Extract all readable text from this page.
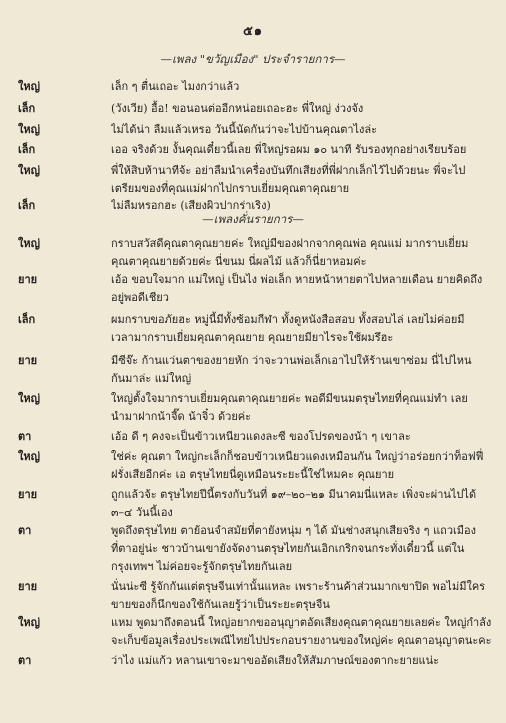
๕๑
—เพลง "ขวัญเมือง" ประจำรายการ—
—เพลงคั่นรายการ—
ใหญ่	เล็ก ๆ ตื่นเถอะ ไมงกว่าแล้ว
เล็ก	(วังเวีย) อื้อ! ขอนอนต่ออีกหน่อยเถอะฮะ พี่ใหญ่ ง่วงจัง
ใหญ่	ไม่ได้น่า ลืมแล้วเหรอ วันนี้นัดกันว่าจะไปบ้านคุณตาไงล่ะ
เล็ก	เออ จริงด้วย งั้นคุณเดี๋ยวนี้เลย พี่ใหญ่รอผม ๑๐ นาที รับรองทุกอย่างเรียบร้อย
ใหญ่	พี่ให้สิบห้านาทีจ้ะ อย่าลืมนำเครื่องบันทึกเสียงที่พี่ฝากเล็กไว้ไปด้วยนะ พี่จะไป
เตรียมของที่คุณแม่ฝากไปกราบเยี่ยมคุณตาคุณยาย
เล็ก	ไม่ลืมหรอกฮะ (เสียงผิวปากร่าเริง)
ใหญ่	กราบสวัสดีคุณตาคุณยายค่ะ ใหญ่มีของฝากจากคุณพ่อ คุณแม่ มากราบเยี่ยม
คุณตาคุณยายด้วยค่ะ นี่ขนม นี่ผลไม้ แล้วก็นี่ยาหอมค่ะ
ยาย	เอ้อ ขอบใจมาก แม่ใหญ่ เป็นไง พ่อเล็ก หายหน้าหายตาไปหลายเดือน ยายคิดถึง
อยู่พอดีเชียว
เล็ก	ผมกราบขอภัยฮะ หมู่นี้มีทั้งซ้อมกีฬา ทั้งดูหนังสือสอบ ทั้งสอบไล่ เลยไม่ค่อยมี
เวลามากราบเยี่ยมคุณตาคุณยาย คุณยายมียาไรจะใช้ผมรึฮะ
ยาย	มีซีจ๊ะ ก้านแว่นตาของยายหัก ว่าจะวานพ่อเล็กเอาไปให้ร้านเขาซ่อม นี่ไปไหน
กันมาล่ะ แม่ใหญ่
ใหญ่	ใหญ่ตั้งใจมากราบเยี่ยมคุณตาคุณยายค่ะ พอดีมีขนมตรุษไทยที่คุณแม่ทำ เลย
นำมาฝากน้าจี๊ด น้าจิ๋ว ด้วยค่ะ
ตา	เอ้อ ดี ๆ คงจะเป็นข้าวเหนียวแดงละซี ของโปรดของน้า ๆ เขาละ
ใหญ่	ใช่ค่ะ คุณตา ใหญ่กะเล็กก็ชอบข้าวเหนียวแดงเหมือนกัน ใหญ่ว่าอร่อยกว่าท็อฟฟี่
ฝรั่งเสียอีกค่ะ เอ ตรุษไทยนี่ดูเหมือนระยะนี้ใช่ไหมคะ คุณยาย
ยาย	ถูกแล้วจ้ะ ตรุษไทยปีนี้ตรงกับวันที่ ๑๙–๒๐–๒๑ มีนาคมนี่แหละ เพิ่งจะผ่านไปได้
๓–๔ วันนี้เอง
ตา	พูดถึงตรุษไทย ตาย้อนจำสมัยที่ตายังหนุ่ม ๆ ได้ มันช่างสนุกเสียจริง ๆ แถวเมือง
ที่ตาอยู่น่ะ ชาวบ้านเขายังจัดงานตรุษไทยกันเอิกเกริกจนกระทั่งเดี๋ยวนี้ แต่ใน
กรุงเทพฯ ไม่ค่อยจะรู้จักตรุษไทยกันเลย
ยาย	นั่นน่ะซี รู้จักกันแต่ตรุษจีนเท่านั้นแหละ เพราะร้านค้าส่วนมากเขาปิด พอไม่มีใคร
ขายของก็นึกของใช้กันเลยรู้ว่าเป็นระยะตรุษจีน
ใหญ่	แหม พูดมาถึงตอนนี้ ใหญ่อยากขออนุญาตอัดเสียงคุณตาคุณยายเลยค่ะ ใหญ่กำลัง
จะเก็บข้อมูลเรื่องประเพณีไทยไปประกอบรายงานของใหญ่ค่ะ คุณตาอนุญาตนะคะ
ตา	ว่าไง แม่แก้ว หลานเขาจะมาขออัดเสียงให้สัมภาษณ์ของตากะยายแน่ะ
